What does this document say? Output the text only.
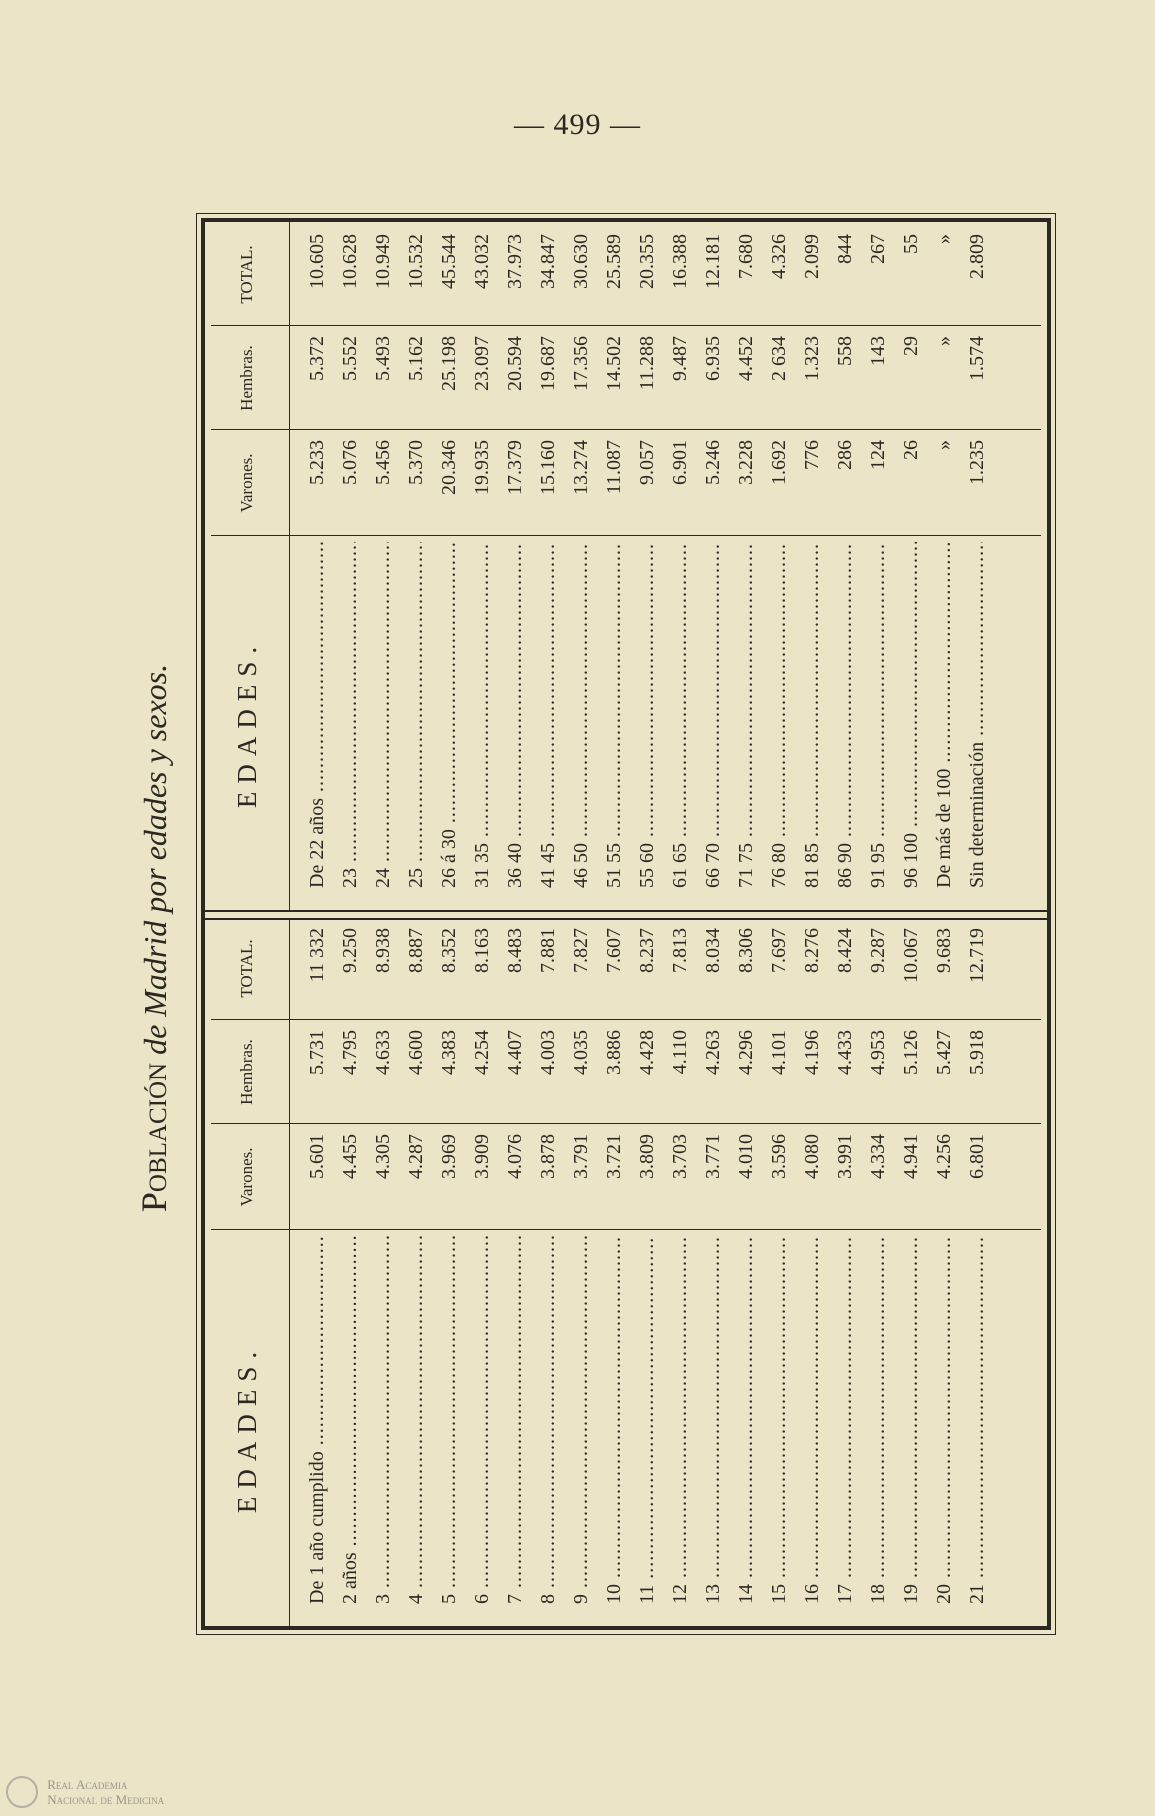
— 499 —
Población de Madrid por edades y sexos.
EDADES.
Varones.
Hembras.
TOTAL.
De 1 año cumplido .....
5.601
5.731
11 332
2 años .....
4.455
4.795
9.250
3 .....
4.305
4.633
8.938
4 .....
4.287
4.600
8.887
5 .....
3.969
4.383
8.352
6 .....
3.909
4.254
8.163
7 .....
4.076
4.407
8.483
8 .....
3.878
4.003
7.881
9 .....
3.791
4.035
7.827
10 .....
3.721
3.886
7.607
11 .....
3.809
4.428
8.237
12 .....
3.703
4.110
7.813
13 .....
3.771
4.263
8.034
14 .....
4.010
4.296
8.306
15 .....
3.596
4.101
7.697
16 .....
4.080
4.196
8.276
17 .....
3.991
4.433
8.424
18 .....
4.334
4.953
9.287
19 .....
4.941
5.126
10.067
20 .....
4.256
5.427
9.683
21 .....
6.801
5.918
12.719
EDADES.
Varones.
Hembras.
TOTAL.
De 22 años .....
5.233
5.372
10.605
23 .....
5.076
5.552
10.628
24 .....
5.456
5.493
10.949
25 .....
5.370
5.162
10.532
26 á 30 .....
20.346
25.198
45.544
31 35 .....
19.935
23.097
43.032
36 40 .....
17.379
20.594
37.973
41 45 .....
15.160
19.687
34.847
46 50 .....
13.274
17.356
30.630
51 55 .....
11.087
14.502
25.589
55 60 .....
9.057
11.288
20.355
61 65 .....
6.901
9.487
16.388
66 70 .....
5.246
6.935
12.181
71 75 .....
3.228
4.452
7.680
76 80 .....
1.692
2 634
4.326
81 85 .....
776
1.323
2.099
86 90 .....
286
558
844
91 95 .....
124
143
267
96 100 .....
26
29
55
De más de 100 .....
»
»
»
Sin determinación .....
1.235
1.574
2.809
Real Academia
Nacional de Medicina
